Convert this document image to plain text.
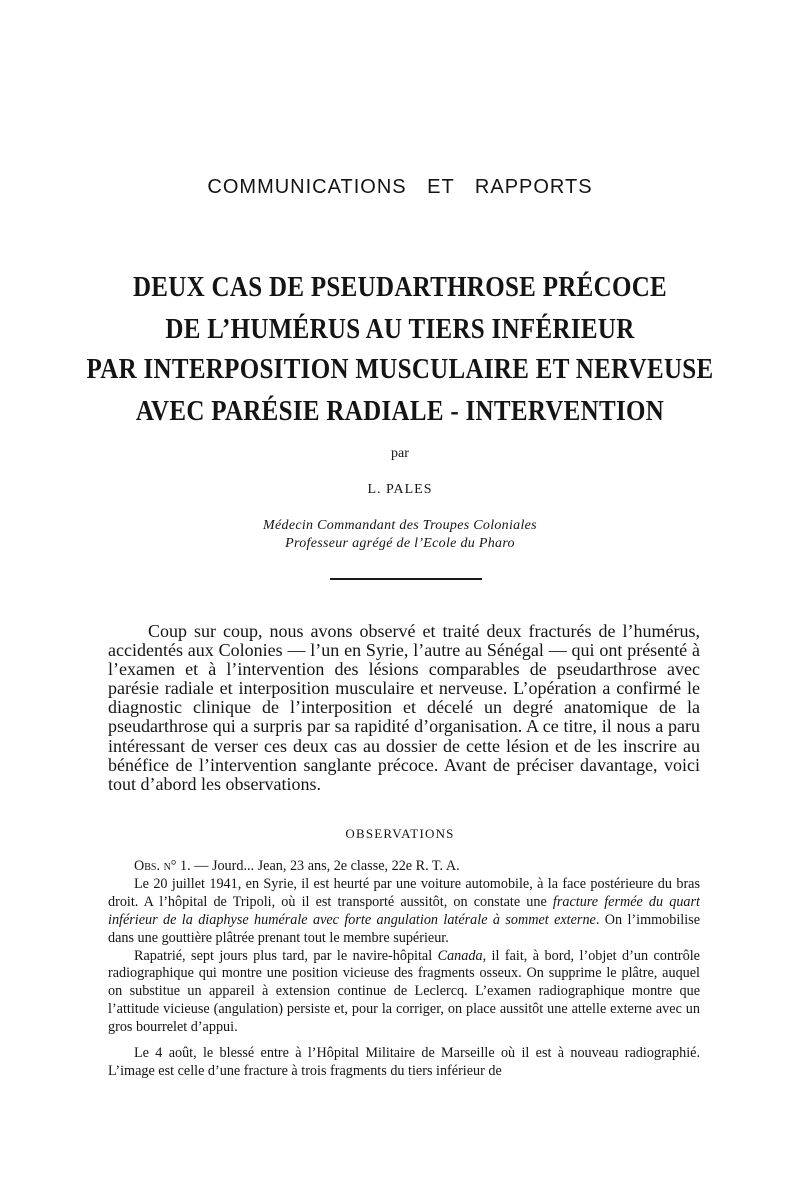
COMMUNICATIONS ET RAPPORTS
DEUX CAS DE PSEUDARTHROSE PRÉCOCE
DE L’HUMÉRUS AU TIERS INFÉRIEUR
PAR INTERPOSITION MUSCULAIRE ET NERVEUSE
AVEC PARÉSIE RADIALE - INTERVENTION
par
L. PALES
Médecin Commandant des Troupes Coloniales
Professeur agrégé de l’Ecole du Pharo
Coup sur coup, nous avons observé et traité deux fracturés de l’humérus, accidentés aux Colonies — l’un en Syrie, l’autre au Sénégal — qui ont présenté à l’examen et à l’intervention des lésions comparables de pseudarthrose avec parésie radiale et interposition musculaire et nerveuse. L’opération a confirmé le diagnostic clinique de l’interposition et décelé un degré anatomique de la pseudarthrose qui a surpris par sa rapidité d’organisation. A ce titre, il nous a paru intéressant de verser ces deux cas au dossier de cette lésion et de les inscrire au bénéfice de l’intervention sanglante précoce. Avant de préciser davantage, voici tout d’abord les observations.
OBSERVATIONS

Obs. n° 1. — Jourd... Jean, 23 ans, 2e classe, 22e R. T. A.

Le 20 juillet 1941, en Syrie, il est heurté par une voiture automobile, à la face postérieure du bras droit. A l’hôpital de Tripoli, où il est transporté aussitôt, on constate une fracture fermée du quart inférieur de la diaphyse humérale avec forte angulation latérale à sommet externe. On l’immobilise dans une gouttière plâtrée prenant tout le membre supérieur.

Rapatrié, sept jours plus tard, par le navire-hôpital Canada, il fait, à bord, l’objet d’un contrôle radiographique qui montre une position vicieuse des fragments osseux. On supprime le plâtre, auquel on substitue un appareil à extension continue de Leclercq. L’examen radiographique montre que l’attitude vicieuse (angulation) persiste et, pour la corriger, on place aussitôt une attelle externe avec un gros bourrelet d’appui.

Le 4 août, le blessé entre à l’Hôpital Militaire de Marseille où il est à nouveau radiographié. L’image est celle d’une fracture à trois fragments du tiers inférieur de
